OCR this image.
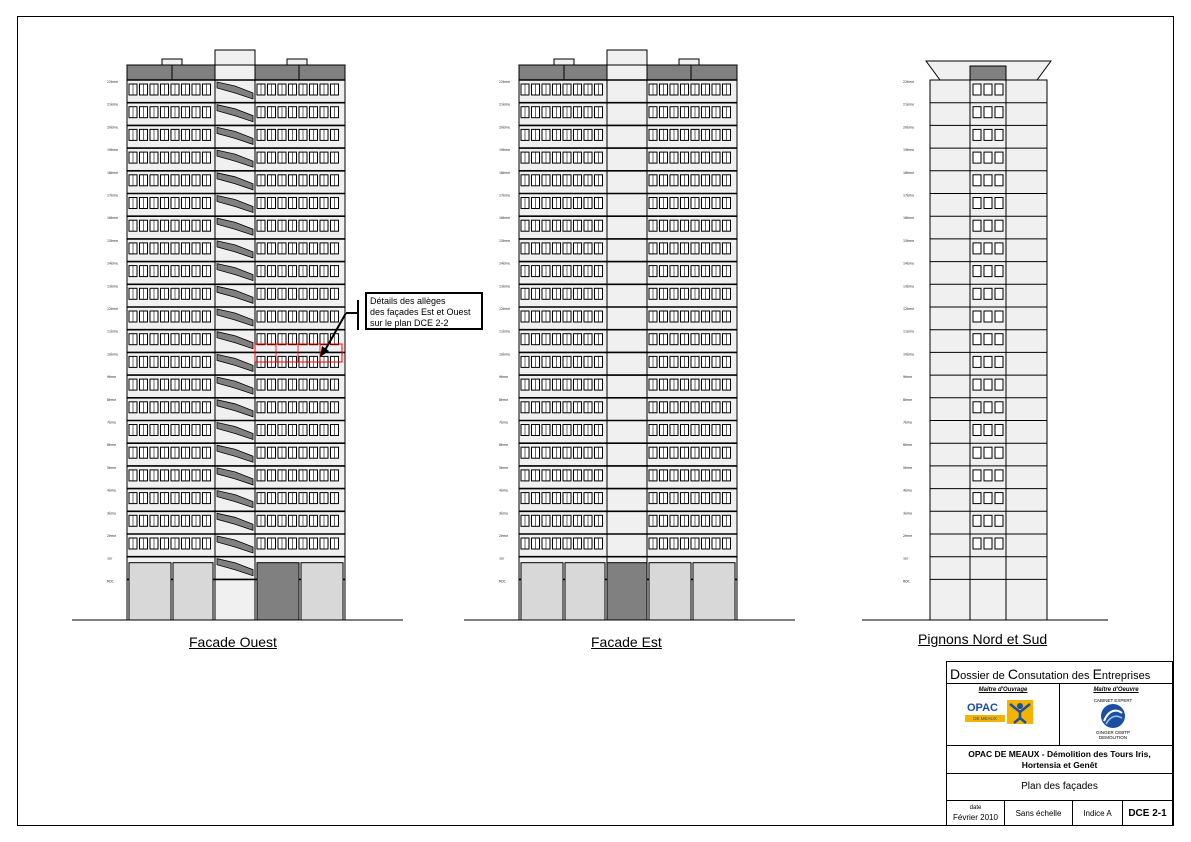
22ème
21ème
20ème
19ème
18ème
17ème
16ème
15ème
14ème
13ème
12ème
11ème
10ème
9ème
8ème
7ème
6ème
5ème
4ème
3ème
2ème
1er
RDC
22ème
21ème
20ème
19ème
18ème
17ème
16ème
15ème
14ème
13ème
12ème
11ème
10ème
9ème
8ème
7ème
6ème
5ème
4ème
3ème
2ème
1er
RDC
22ème
21ème
20ème
19ème
18ème
17ème
16ème
15ème
14ème
13ème
12ème
11ème
10ème
9ème
8ème
7ème
6ème
5ème
4ème
3ème
2ème
1er
RDC
Facade Ouest	Facade Est	Pignons Nord et Sud
Détails des allèges
des façades Est et Ouest
sur le plan DCE 2-2
Dossier de Consutation des Entreprises
Maître d'Ouvrage
OPAC
DE MEAUX
Maître d'Oeuvre
CABINET EXPERT
GINGER CEBTP DEMOLITION
OPAC DE MEAUX - Démolition des Tours Iris,
Hortensia et Genêt
Plan des façades
date
Février 2010	Sans échelle	Indice A	DCE 2-1
